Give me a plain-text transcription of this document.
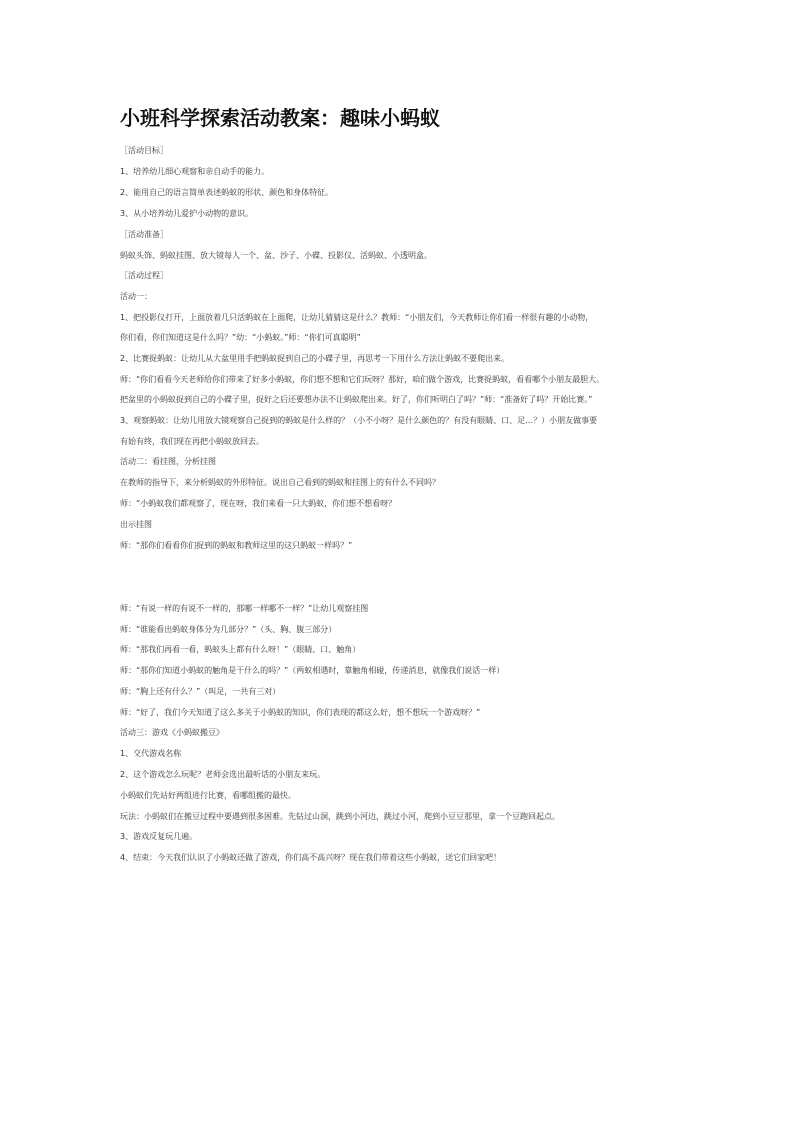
小班科学探索活动教案：趣味小蚂蚁

［活动目标］

1、培养幼儿细心观察和亲自动手的能力。

2、能用自己的语言简单表述蚂蚁的形状、颜色和身体特征。

3、从小培养幼儿爱护小动物的意识。

［活动准备］

蚂蚁头饰、蚂蚁挂图、放大镜每人一个、盆、沙子、小碟、投影仪、活蚂蚁、小透明盒。

［活动过程］

活动一：

1、把投影仪打开，上面放着几只活蚂蚁在上面爬，让幼儿猜猜这是什么？教师：“小朋友们，今天教师让你们看一样很有趣的小动物，

你们看，你们知道这是什么吗？”幼：“小蚂蚁。”师：“你们可真聪明”

2、比赛捉蚂蚁：让幼儿从大盆里用手把蚂蚁捉到自己的小碟子里，再思考一下用什么方法让蚂蚁不要爬出来。

师：“你们看看今天老师给你们带来了好多小蚂蚁，你们想不想和它们玩呀？那好，咱们做个游戏，比赛捉蚂蚁，看看哪个小朋友最胆大。

把盆里的小蚂蚁捉到自己的小碟子里，捉好之后还要想办法不让蚂蚁爬出来。好了，你们听明白了吗？”师：“准备好了吗？开始比赛。”

3、观察蚂蚁：让幼儿用放大镜观察自己捉到的蚂蚁是什么样的？（小不小呀？是什么颜色的？有没有眼睛、口、足…？）小朋友做事要

有始有终，我们现在再把小蚂蚁放回去。

活动二：看挂图，分析挂图

在教师的指导下，来分析蚂蚁的外形特征。说出自己看到的蚂蚁和挂图上的有什么不同吗？

师：“小蚂蚁我们都观察了，现在呀，我们来看一只大蚂蚁，你们想不想看呀？

出示挂图

师：“那你们看看你们捉到的蚂蚁和教师这里的这只蚂蚁一样吗？”

师：“有说一样的有说不一样的，那哪一样哪不一样？”让幼儿观察挂图

师：“谁能看出蚂蚁身体分为几部分？”（头、胸、腹三部分）

师：“那我们再看一看，蚂蚁头上都有什么呀！”（眼睛、口、触角）

师：“那你们知道小蚂蚁的触角是干什么的吗？”（两蚁相遇时，靠触角相碰，传递消息，就像我们说话一样）

师：“胸上还有什么？”（叫足，一共有三对）

师：“好了，我们今天知道了这么多关于小蚂蚁的知识，你们表现的都这么好，想不想玩一个游戏呀？”

活动三：游戏《小蚂蚁搬豆》

1、交代游戏名称

2、这个游戏怎么玩呢？老师会选出最听话的小朋友来玩。

小蚂蚁们先站好两组进行比赛，看哪组搬的最快。

玩法：小蚂蚁们在搬豆过程中要遇到很多困难。先钻过山洞，跳到小河边，跳过小河，爬到小豆豆那里，拿一个豆跑回起点。

3、游戏反复玩几遍。

4、结束：今天我们认识了小蚂蚁还做了游戏，你们高不高兴呀？现在我们带着这些小蚂蚁，送它们回家吧！
